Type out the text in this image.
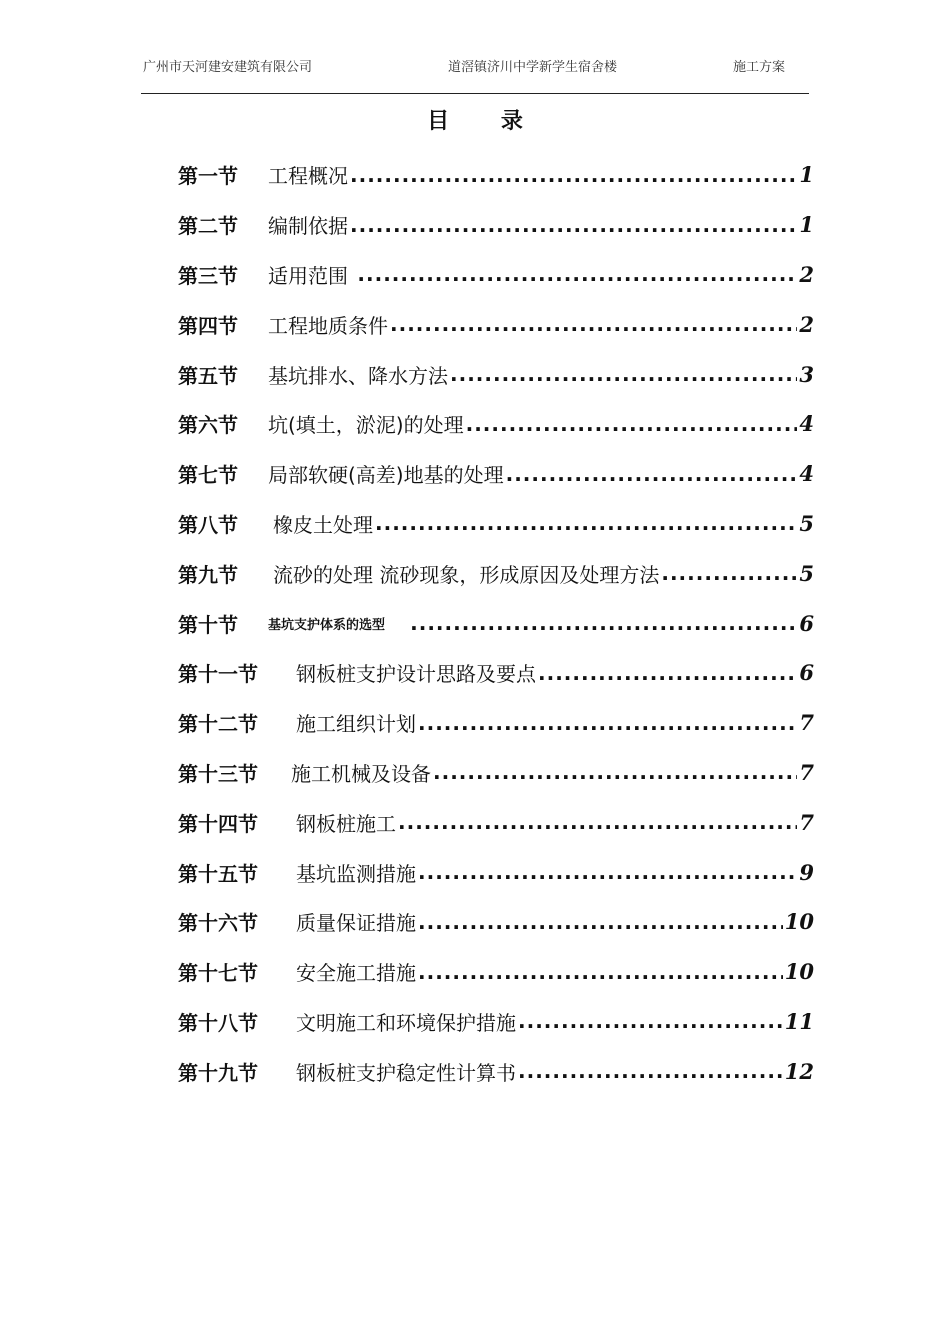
广州市天河建安建筑有限公司	道滘镇济川中学新学生宿舍楼	施工方案
目 录
第一节	工程概况 .....	1
第二节	编制依据 .....	1
第三节	适用范围 .....	2
第四节	工程地质条件 .....	2
第五节	基坑排水、降水方法 .....	3
第六节	坑(填土，淤泥)的处理 .....	4
第七节	局部软硬(高差)地基的处理 .....	4
第八节	橡皮土处理 .....	5
第九节	流砂的处理 流砂现象，形成原因及处理方法 .....	5
第十节	基坑支护体系的选型 .....	6
第十一节	钢板桩支护设计思路及要点 .....	6
第十二节	施工组织计划 .....	7
第十三节	施工机械及设备 .....	7
第十四节	钢板桩施工 .....	7
第十五节	基坑监测措施 .....	9
第十六节	质量保证措施 .....	10
第十七节	安全施工措施 .....	10
第十八节	文明施工和环境保护措施 .....	11
第十九节	钢板桩支护稳定性计算书 .....	12
